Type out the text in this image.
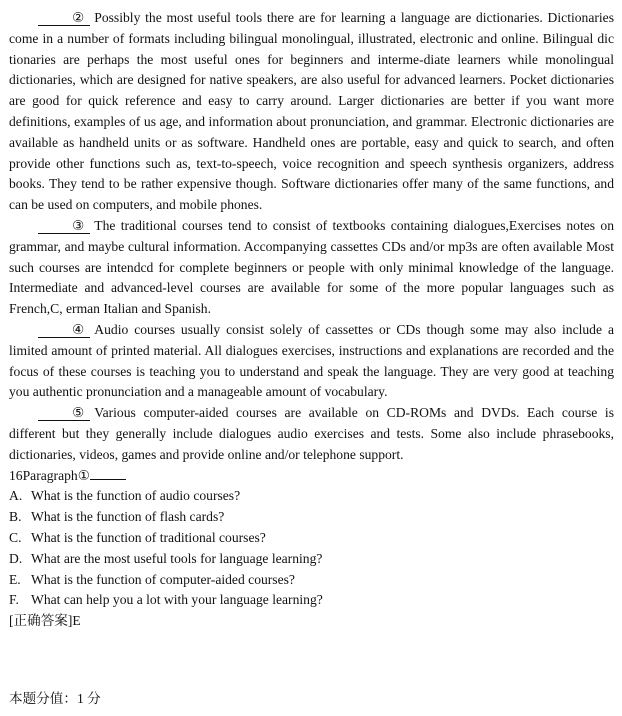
② Possibly the most useful tools there are for learning a language are dictionaries. Dictionaries come in a number of formats including bilingual monolingual, illustrated, electronic and online. Bilingual dic tionaries are perhaps the most useful ones for beginners and interme-diate learners while monolingual dictionaries, which are designed for native speakers, are also useful for advanced learners. Pocket dictionaries are good for quick reference and easy to carry around. Larger dictionaries are better if you want more definitions, examples of us age, and information about pronunciation, and grammar. Electronic dictionaries are available as handheld units or as software. Handheld ones are portable, easy and quick to search, and often provide other functions such as, text-to-speech, voice recognition and speech synthesis organizers, address books. They tend to be rather expensive though. Software dictionaries offer many of the same functions, and can be used on computers, and mobile phones.

③ The traditional courses tend to consist of textbooks containing dialogues,Exercises notes on grammar, and maybe cultural information. Accompanying cassettes CDs and/or mp3s are often available Most such courses are intendcd for complete beginners or people with only minimal knowledge of the language. Intermediate and advanced-level courses are available for some of the more popular languages such as French,C, erman Italian and Spanish.

④ Audio courses usually consist solely of cassettes or CDs though some may also include a limited amount of printed material. All dialogues exercises, instructions and explanations are recorded and the focus of these courses is teaching you to understand and speak the language. They are very good at teaching you authentic pronunciation and a manageable amount of vocabulary.

⑤ Various computer-aided courses are available on CD-ROMs and DVDs. Each course is different but they generally include dialogues audio exercises and tests. Some also include phrasebooks, dictionaries, videos, games and provide online and/or telephone support.

16Paragraph①

A. What is the function of audio courses?
B. What is the function of flash cards?
C. What is the function of traditional courses?
D. What are the most useful tools for language learning?
E. What is the function of computer-aided courses?
F. What can help you a lot with your language learning?

[正确答案]E

本题分值：1 分
